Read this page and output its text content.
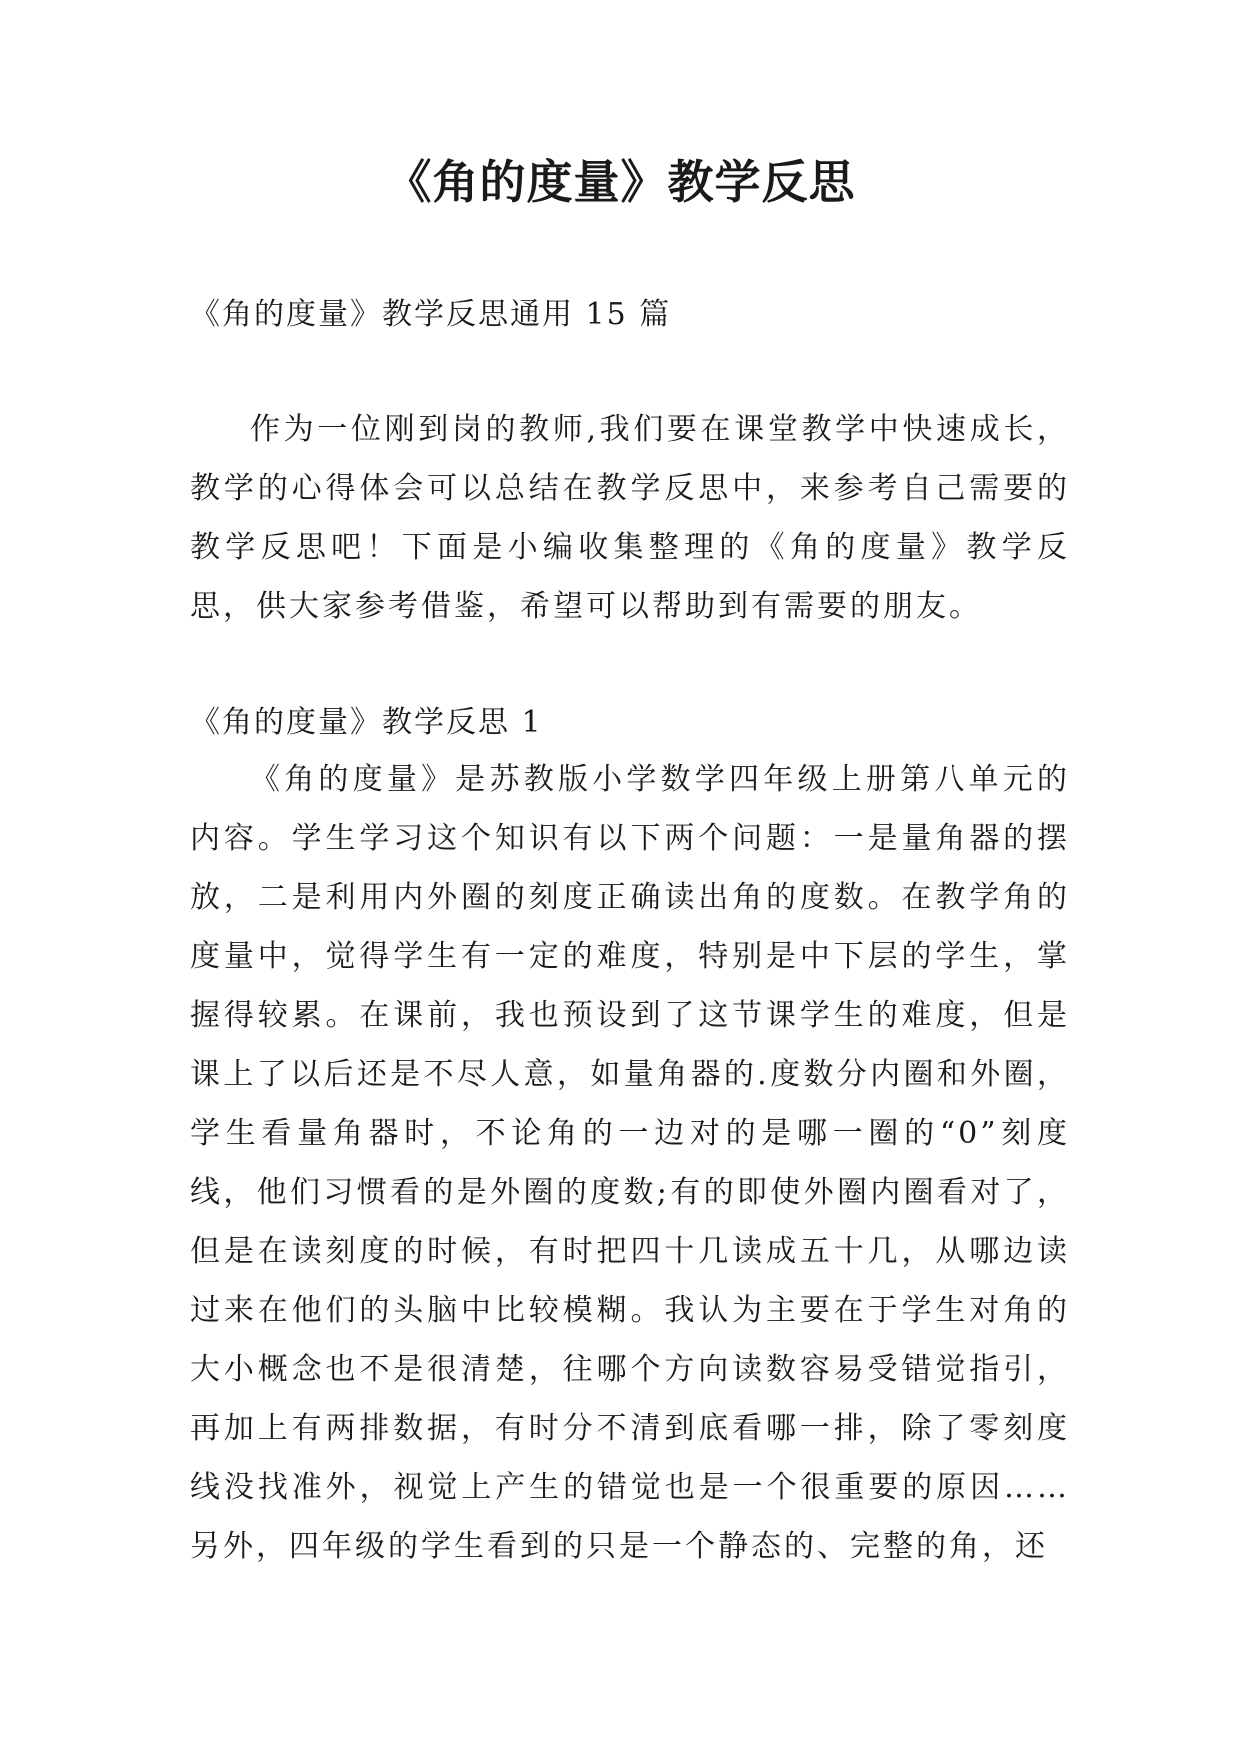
《角的度量》教学反思

《角的度量》教学反思通用 15 篇

作为一位刚到岗的教师,我们要在课堂教学中快速成长，教学的心得体会可以总结在教学反思中，来参考自己需要的教学反思吧！下面是小编收集整理的《角的度量》教学反思，供大家参考借鉴，希望可以帮助到有需要的朋友。

《角的度量》教学反思 1

《角的度量》是苏教版小学数学四年级上册第八单元的内容。学生学习这个知识有以下两个问题：一是量角器的摆放，二是利用内外圈的刻度正确读出角的度数。在教学角的度量中，觉得学生有一定的难度，特别是中下层的学生，掌握得较累。在课前，我也预设到了这节课学生的难度，但是课上了以后还是不尽人意，如量角器的.度数分内圈和外圈，学生看量角器时，不论角的一边对的是哪一圈的“0”刻度线，他们习惯看的是外圈的度数;有的即使外圈内圈看对了，但是在读刻度的时候，有时把四十几读成五十几，从哪边读过来在他们的头脑中比较模糊。我认为主要在于学生对角的大小概念也不是很清楚，往哪个方向读数容易受错觉指引，再加上有两排数据，有时分不清到底看哪一排，除了零刻度线没找准外，视觉上产生的错觉也是一个很重要的原因……另外，四年级的学生看到的只是一个静态的、完整的角，还
